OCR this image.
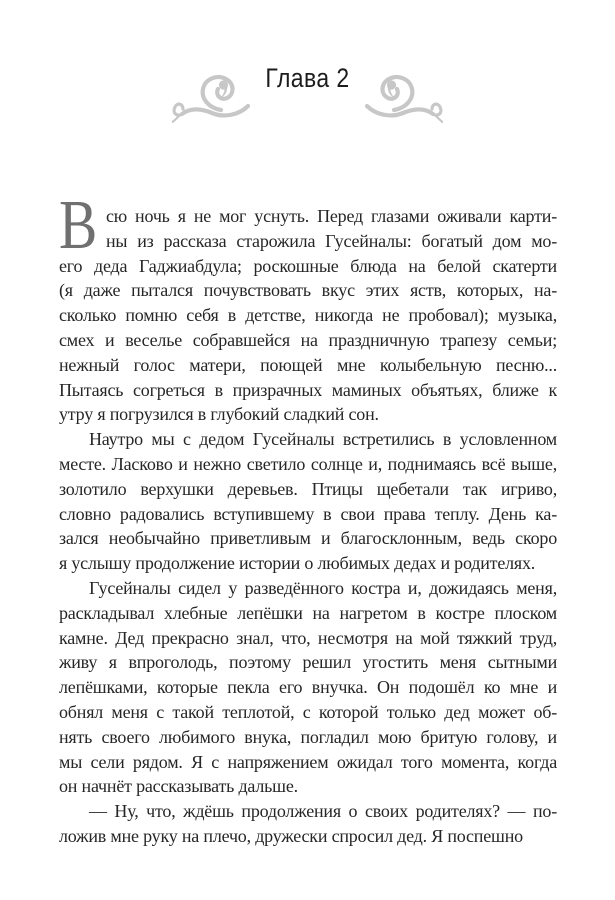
Глава 2
В сю ночь я не мог уснуть. Перед глазами оживали карти-
ны из рассказа старожила Гусейналы: богатый дом мо-
его деда Гаджиабдула; роскошные блюда на белой скатерти
(я даже пытался почувствовать вкус этих яств, которых, на-
сколько помню себя в детстве, никогда не пробовал); музыка,
смех и веселье собравшейся на праздничную трапезу семьи;
нежный голос матери, поющей мне колыбельную песню...
Пытаясь согреться в призрачных маминых объятьях, ближе к
утру я погрузился в глубокий сладкий сон.
Наутро мы с дедом Гусейналы встретились в условленном
месте. Ласково и нежно светило солнце и, поднимаясь всё выше,
золотило верхушки деревьев. Птицы щебетали так игриво,
словно радовались вступившему в свои права теплу. День ка-
зался необычайно приветливым и благосклонным, ведь скоро
я услышу продолжение истории о любимых дедах и родителях.
Гусейналы сидел у разведённого костра и, дожидаясь меня,
раскладывал хлебные лепёшки на нагретом в костре плоском
камне. Дед прекрасно знал, что, несмотря на мой тяжкий труд,
живу я впроголодь, поэтому решил угостить меня сытными
лепёшками, которые пекла его внучка. Он подошёл ко мне и
обнял меня с такой теплотой, с которой только дед может об-
нять своего любимого внука, погладил мою бритую голову, и
мы сели рядом. Я с напряжением ожидал того момента, когда
он начнёт рассказывать дальше.
— Ну, что, ждёшь продолжения о своих родителях? — по-
ложив мне руку на плечо, дружески спросил дед. Я поспешно
